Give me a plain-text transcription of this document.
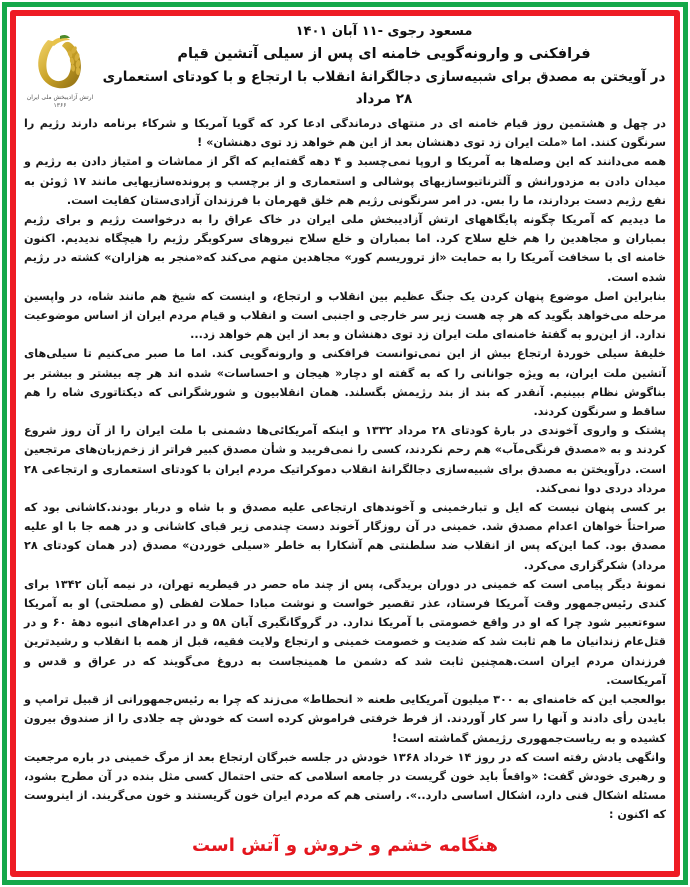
ارتش آزادیبخش ملی ایران
۱۳۶۶
مسعود رجوی -۱۱ آبان ۱۴۰۱
فرافکنی و وارونه‌گویی خامنه ای پس از سیلی آتشین قیام
در آویختن به مصدق برای شبیه‌سازی دجالگرانهٔ انقلاب با ارتجاع و با کودتای استعماری ۲۸ مرداد

در چهل و هشتمین روز قیام خامنه ای در منتهای درماندگی ادعا کرد که گویا آمریکا و شرکاء برنامه دارند رژیم را سرنگون کنند. اما «ملت ایران زد توی دهنشان بعد از این هم خواهد زد توی دهنشان» !

همه می‌دانند که این وصله‌ها به آمریکا و اروپا نمی‌چسبد و ۴ دهه گفته‌ایم که اگر از مماشات و امتیاز دادن به رژیم و میدان دادن به مزدورانش و آلترناتیوسازیهای پوشالی و استعماری و از برچسب و پرونده‌سازیهایی مانند ۱۷ ژوئن به نفع رژیم دست بردارند، ما را بس. در امر سرنگونی رژیم هم خلق قهرمان با فرزندان آزادی‌ستان کفایت است.

ما دیدیم که آمریکا چگونه پایگاههای ارتش آزادیبخش ملی ایران در خاک عراق را به درخواست رژیم و برای رژیم بمباران و مجاهدین را هم خلع سلاح کرد. اما بمباران و خلع سلاح نیروهای سرکوبگر رژیم را هیچگاه ندیدیم. اکنون خامنه ای با سخافت آمریکا را به حمایت «از تروریسم کور» مجاهدین متهم می‌کند که«منجر به هزاران» کشته در رژیم شده است.

بنابراین اصل موضوع پنهان کردن یک جنگ عظیم بین انقلاب و ارتجاع، و اینست که شیخ هم مانند شاه، در واپسین مرحله می‌خواهد بگوید که هر چه هست زیر سر خارجی و اجنبی است و انقلاب و قیام مردم ایران از اساس موضوعیت ندارد. از این‌رو به گفتهٔ خامنه‌ای ملت ایران زد توی دهنشان و بعد از این هم خواهد زد...

خلیفهٔ سیلی خوردهٔ ارتجاع بیش از این نمی‌توانست فرافکنی و وارونه‌گویی کند. اما ما صبر می‌کنیم تا سیلی‌های آتشین ملت ایران، به ویژه جوانانی را که به گفته او دچار« هیجان و احساسات» شده اند هر چه بیشتر و بیشتر بر بناگوش نظام ببینیم. آنقدر که بند از بند رژیمش بگسلند. همان انقلابیون و شورشگرانی که دیکتاتوری شاه را هم ساقط و سرنگون کردند.

پشتک و واروی آخوندی در بارهٔ کودتای ۲۸ مرداد ۱۳۳۲ و اینکه آمریکائی‌ها دشمنی با ملت ایران را از آن روز شروع کردند و به «مصدق فرنگی‌مآب» هم رحم نکردند، کسی را نمی‌فریبد و شأن مصدق کبیر فراتر از زخم‌زبان‌های مرتجعین است. درآویختن به مصدق برای شبیه‌سازی دجالگرانهٔ انقلاب دموکراتیک مردم ایران با کودتای استعماری و ارتجاعی ۲۸ مرداد دردی دوا نمی‌کند.

بر کسی پنهان نیست که ایل و تبارخمینی و آخوندهای ارتجاعی علیه مصدق و با شاه و دربار بودند.کاشانی بود که صراحتاً خواهان اعدام مصدق شد. خمینی در آن روزگار آخوند دست چندمی زیر قبای کاشانی و در همه جا با او علیه مصدق بود. کما این‌که پس از انقلاب ضد سلطنتی هم آشکارا به خاطر «سیلی خوردن» مصدق (در همان کودتای ۲۸ مرداد) شکرگزاری می‌کرد.

نمونهٔ دیگر پیامی است که خمینی در دوران بریدگی، پس از چند ماه حصر در قیطریه تهران، در نیمه آبان ۱۳۴۲ برای کندی رئیس‌جمهور وقت آمریکا فرستاد، عذر تقصیر خواست و نوشت مبادا حملات لفظی (و مصلحتی) او به آمریکا سوءتعبیر شود چرا که او در واقع خصومتی با آمریکا ندارد. در گروگانگیری آبان ۵۸ و در اعدام‌های انبوه دههٔ ۶۰ و در قتل‌عام زندانیان ما هم ثابت شد که ضدیت و خصومت خمینی و ارتجاع ولایت فقیه، قبل از همه با انقلاب و رشیدترین فرزندان مردم ایران است.همچنین ثابت شد که دشمن ما همینجاست به دروغ می‌گویند که در عراق و قدس و آمریکاست.

بوالعجب این که خامنه‌ای به ۳۰۰ میلیون آمریکایی طعنه « انحطاط» می‌زند که چرا به رئیس‌جمهورانی از قبیل ترامپ و بایدن رأی دادند و آنها را سر کار آوردند. از فرط خرفتی فراموش کرده است که خودش چه جلادی را از صندوق بیرون کشیده و به ریاست‌جمهوری رژیمش گماشته است!

وانگهی یادش رفته است که در روز ۱۴ خرداد ۱۳۶۸ خودش در جلسه خبرگان ارتجاع بعد از مرگ خمینی در باره مرجعیت و رهبری خودش گفت: «واقعاً باید خون گریست در جامعه اسلامی که حتی احتمال کسی مثل بنده در آن مطرح بشود، مسئله اشکال فنی دارد، اشکال اساسی دارد..». راستی هم که مردم ایران خون گریستند و خون می‌گریند. از اینروست که اکنون :

هنگامه خشم و خروش و آتش است
